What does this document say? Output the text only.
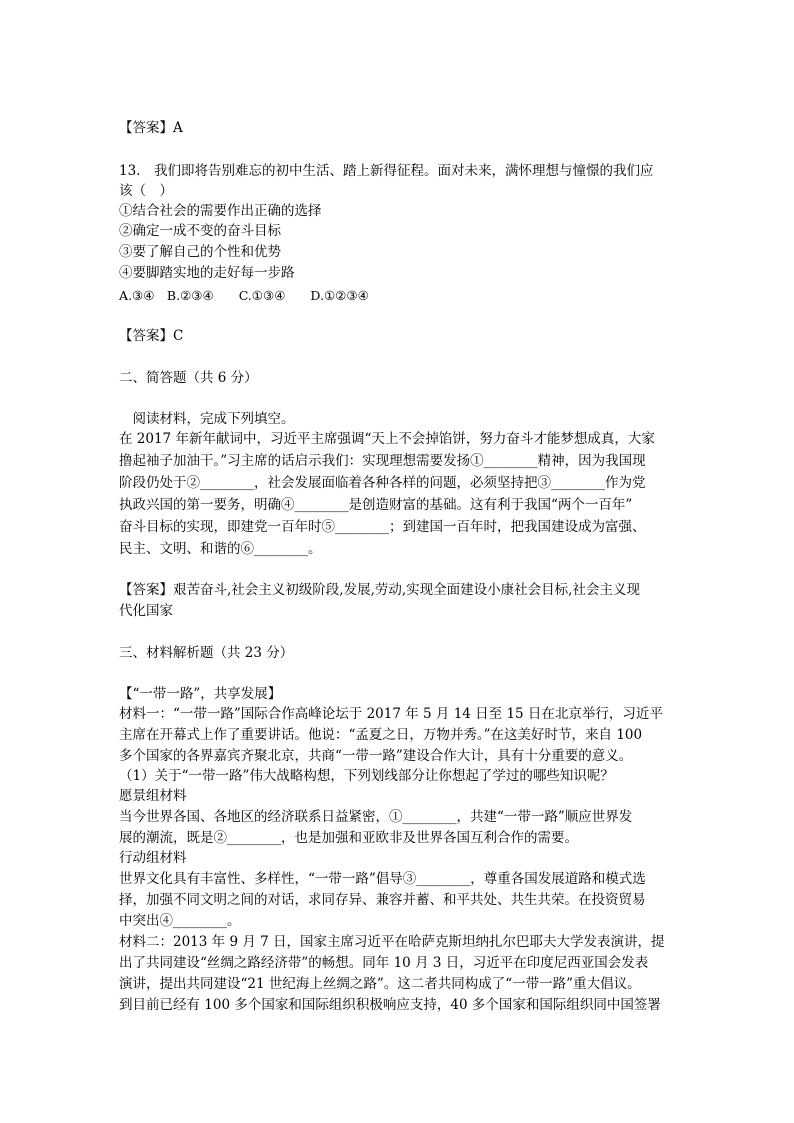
【答案】A
13.　我们即将告别难忘的初中生活、踏上新得征程。面对未来，满怀理想与憧憬的我们应
该（　）
①结合社会的需要作出正确的选择
②确定一成不变的奋斗目标
③要了解自己的个性和优势
④要脚踏实地的走好每一步路
A.③④　B.②③④　　C.①③④　　D.①②③④
【答案】C
二、简答题（共 6 分）
　阅读材料，完成下列填空。
在 2017 年新年献词中，习近平主席强调“天上不会掉馅饼，努力奋斗才能梦想成真，大家
撸起袖子加油干。”习主席的话启示我们：实现理想需要发扬①________精神，因为我国现
阶段仍处于②________，社会发展面临着各种各样的问题，必须坚持把③________作为党
执政兴国的第一要务，明确④________是创造财富的基础。这有利于我国“两个一百年”
奋斗目标的实现，即建党一百年时⑤________；到建国一百年时，把我国建设成为富强、
民主、文明、和谐的⑥________。
【答案】艰苦奋斗,社会主义初级阶段,发展,劳动,实现全面建设小康社会目标,社会主义现
代化国家
三、材料解析题（共 23 分）
【“一带一路”，共享发展】
材料一：“一带一路”国际合作高峰论坛于 2017 年 5 月 14 日至 15 日在北京举行，习近平
主席在开幕式上作了重要讲话。他说：“孟夏之日，万物并秀。”在这美好时节，来自 100
多个国家的各界嘉宾齐聚北京，共商“一带一路”建设合作大计，具有十分重要的意义。
（1）关于“一带一路”伟大战略构想，下列划线部分让你想起了学过的哪些知识呢？
愿景组材料
当今世界各国、各地区的经济联系日益紧密，①________，共建“一带一路”顺应世界发
展的潮流，既是②________，也是加强和亚欧非及世界各国互利合作的需要。
行动组材料
世界文化具有丰富性、多样性，“一带一路”倡导③________，尊重各国发展道路和模式选
择，加强不同文明之间的对话，求同存异、兼容并蓄、和平共处、共生共荣。在投资贸易
中突出④________。
材料二：2013 年 9 月 7 日，国家主席习近平在哈萨克斯坦纳扎尔巴耶夫大学发表演讲，提
出了共同建设“丝绸之路经济带”的畅想。同年 10 月 3 日，习近平在印度尼西亚国会发表
演讲，提出共同建设“21 世纪海上丝绸之路”。这二者共同构成了“一带一路”重大倡议。
到目前已经有 100 多个国家和国际组织积极响应支持，40 多个国家和国际组织同中国签署
